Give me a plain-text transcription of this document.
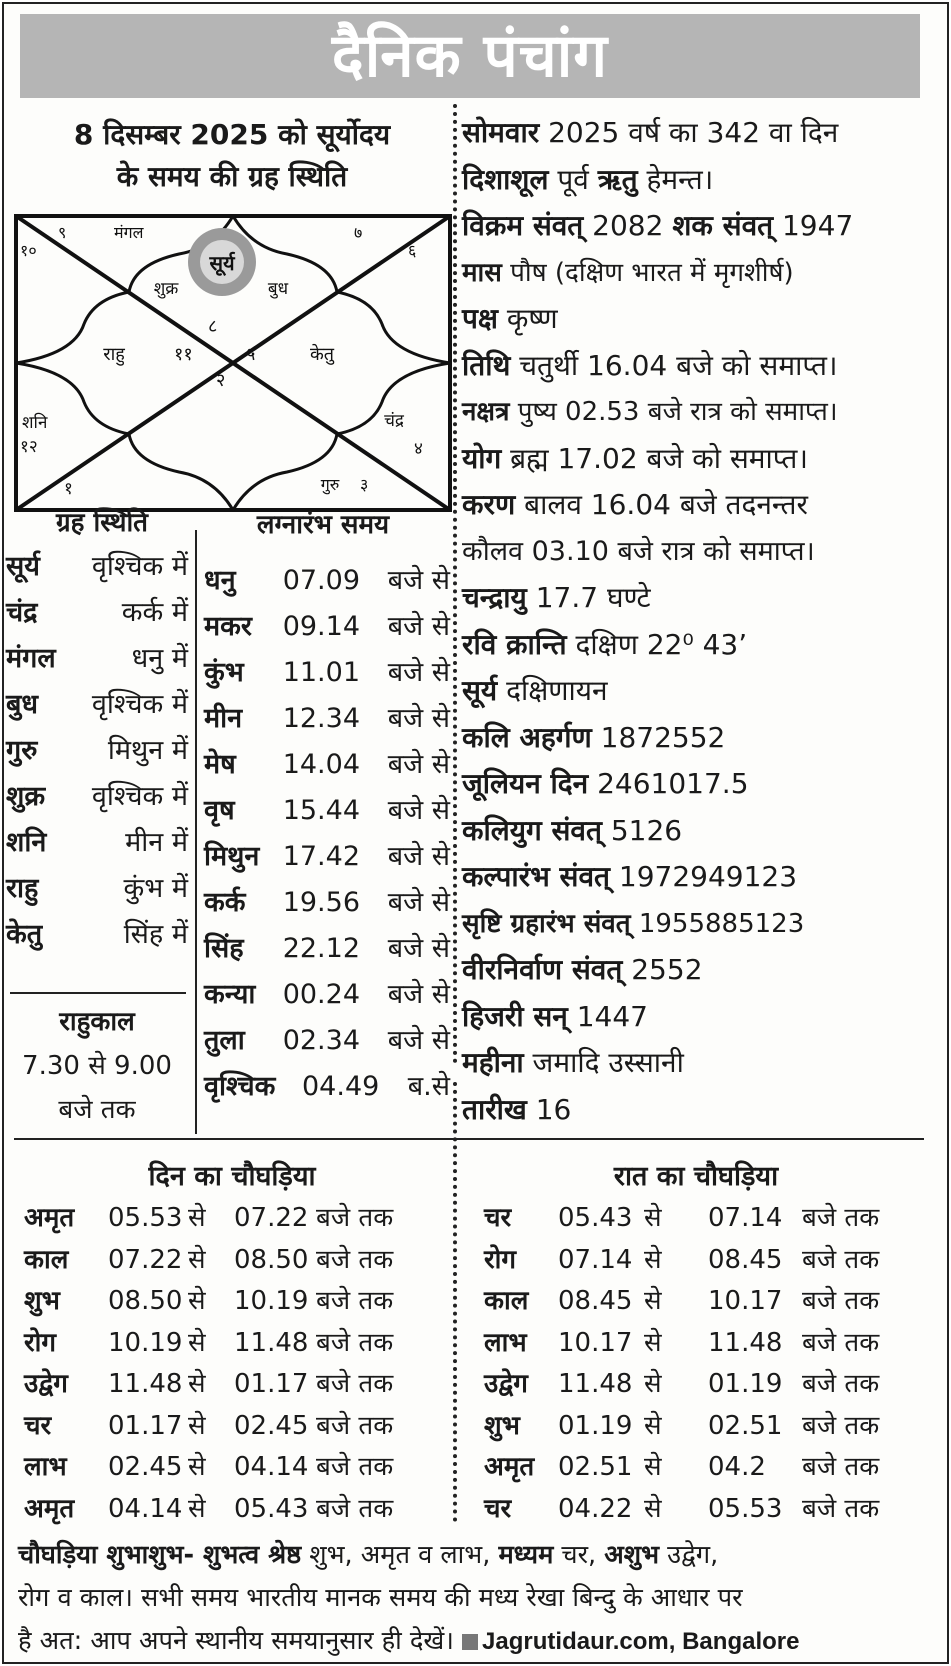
दैनिक पंचांग
8 दिसम्बर 2025 को सूर्योदय
के समय की ग्रह स्थिति
सूर्य
मंगल
शुक्र	बुध
राहु	केतु
शनि	चंद्र
गुरु
९
१०
७
६
११
८
२
५
१२
१
४
३
ग्रह स्थिति
सूर्य	वृश्चिक में
चंद्र	कर्क में
मंगल	धनु में
बुध	वृश्चिक में
गुरु	मिथुन में
शुक्र	वृश्चिक में
शनि	मीन में
राहु	कुंभ में
केतु	सिंह में
राहुकाल
7.30 से 9.00
बजे तक
लग्नारंभ समय
धनु	07.09	बजे से
मकर	09.14	बजे से
कुंभ	11.01	बजे से
मीन	12.34	बजे से
मेष	14.04	बजे से
वृष	15.44	बजे से
मिथुन 17.42	बजे से
कर्क	19.56	बजे से
सिंह	22.12	बजे से
कन्या	00.24	बजे से
तुला	02.34	बजे से
वृश्चिक 04.49	ब.से
सोमवार 2025 वर्ष का 342 वा दिन
दिशाशूल पूर्व ऋतु हेमन्त।
विक्रम संवत् 2082 शक संवत् 1947
मास पौष (दक्षिण भारत में मृगशीर्ष)
पक्ष कृष्ण
तिथि चतुर्थी 16.04 बजे को समाप्त।
नक्षत्र पुष्य 02.53 बजे रात्र को समाप्त।
योग ब्रह्म 17.02 बजे को समाप्त।
करण बालव 16.04 बजे तदनन्तर
कौलव 03.10 बजे रात्र को समाप्त।
चन्द्रायु 17.7 घण्टे
रवि क्रान्ति दक्षिण 22⁰ 43’
सूर्य दक्षिणायन
कलि अहर्गण 1872552
जूलियन दिन 2461017.5
कलियुग संवत् 5126
कल्पारंभ संवत् 1972949123
सृष्टि ग्रहारंभ संवत् 1955885123
वीरनिर्वाण संवत् 2552
हिजरी सन् 1447
महीना जमादि उस्सानी
तारीख 16
दिन का चौघड़िया
अमृत	05.53 से	07.22 बजे तक
काल	07.22 से	08.50 बजे तक
शुभ	08.50 से	10.19 बजे तक
रोग	10.19 से	11.48 बजे तक
उद्वेग	11.48 से	01.17 बजे तक
चर	01.17 से	02.45 बजे तक
लाभ	02.45 से	04.14 बजे तक
अमृत	04.14 से	05.43 बजे तक
रात का चौघड़िया
चर	05.43 से	07.14 बजे तक
रोग	07.14 से	08.45 बजे तक
काल	08.45 से	10.17 बजे तक
लाभ	10.17 से	11.48 बजे तक
उद्वेग	11.48 से	01.19 बजे तक
शुभ	01.19 से	02.51 बजे तक
अमृत 02.51 से	04.2	बजे तक
चर	04.22 से	05.53 बजे तक
चौघड़िया शुभाशुभ- शुभत्व श्रेष्ठ शुभ, अमृत व लाभ, मध्यम चर, अशुभ उद्वेग,
रोग व काल। सभी समय भारतीय मानक समय की मध्य रेखा बिन्दु के आधार पर
है अत: आप अपने स्थानीय समयानुसार ही देखें। Jagrutidaur.com, Bangalore
